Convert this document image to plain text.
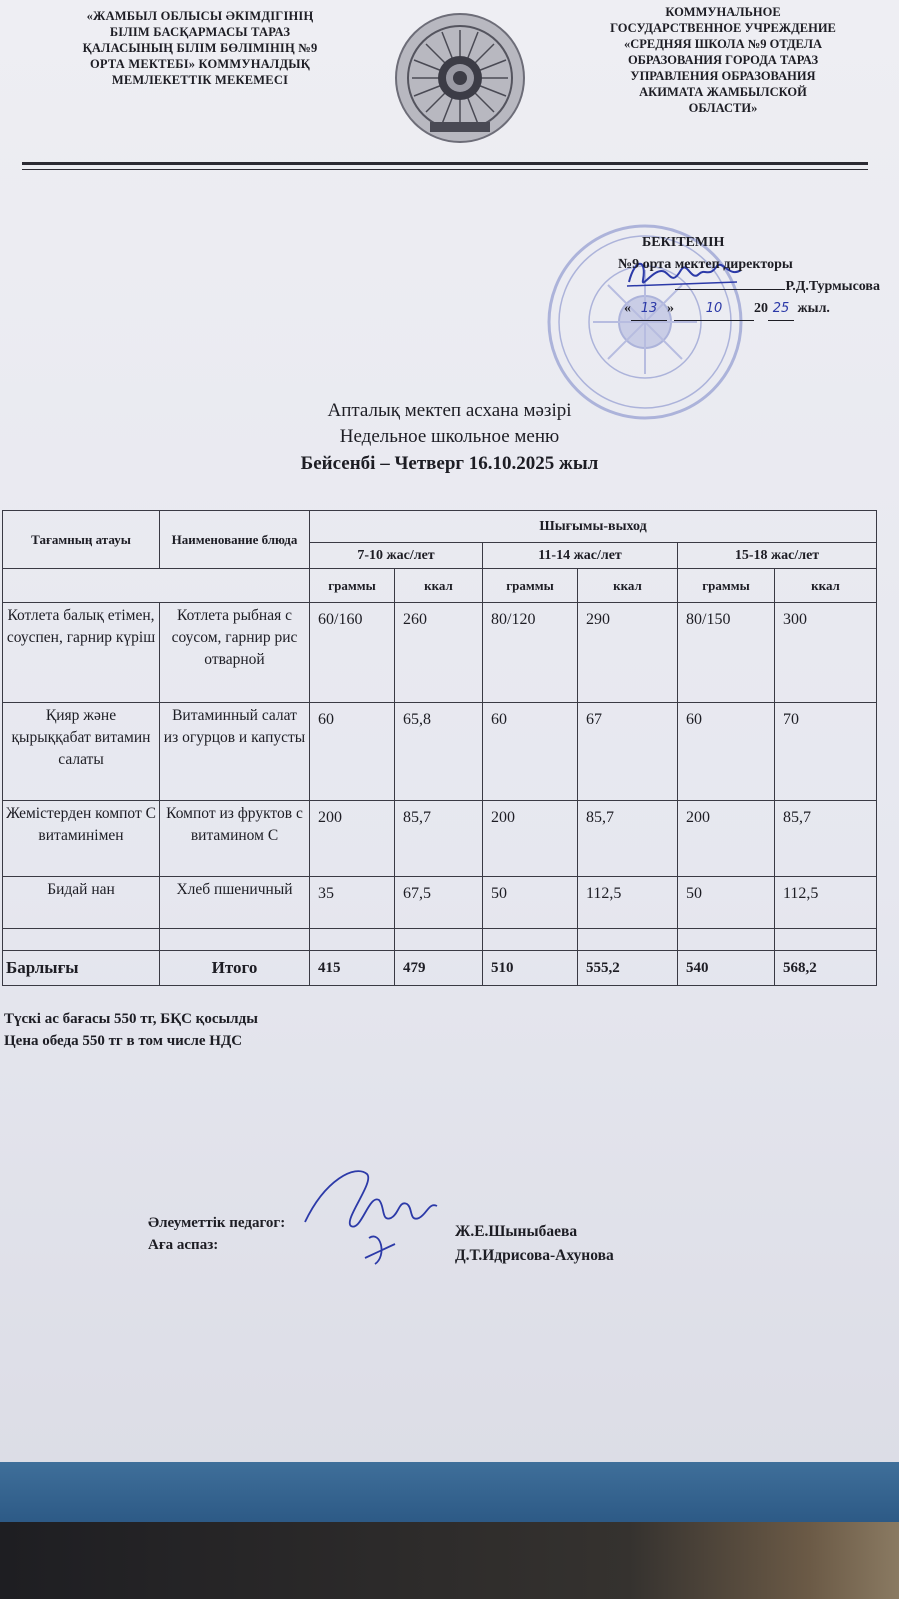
«ЖАМБЫЛ ОБЛЫСЫ ӘКІМДІГІНІҢ
БІЛІМ БАСҚАРМАСЫ ТАРАЗ
ҚАЛАСЫНЫҢ БІЛІМ БӨЛІМІНІҢ №9
ОРТА МЕКТЕБІ» КОММУНАЛДЫҚ
МЕМЛЕКЕТТІК МЕКЕМЕСІ
КОММУНАЛЬНОЕ
ГОСУДАРСТВЕННОЕ УЧРЕЖДЕНИЕ
«СРЕДНЯЯ ШКОЛА №9 ОТДЕЛА
ОБРАЗОВАНИЯ ГОРОДА ТАРАЗ
УПРАВЛЕНИЯ ОБРАЗОВАНИЯ
АКИМАТА ЖАМБЫЛСКОЙ
ОБЛАСТИ»
БЕКІТЕМІН
№9 орта мектеп директоры
Р.Д.Турмысова
« 13 » 10 20 25 жыл.
Апталық мектеп асхана мәзірі
Недельное школьное меню
Бейсенбі – Четверг 16.10.2025 жыл
Тағамның атауы	Наименование блюда	Шығымы-выход					
		7-10 жас/лет		11-14 жас/лет		15-18 жас/лет	
		граммы	ккал	граммы	ккал	граммы	ккал
Котлета балық етімен, соуспен, гарнир күріш	Котлета рыбная с соусом, гарнир рис отварной	60/160	260	80/120	290	80/150	300
Қияр және қырыққабат витамин салаты	Витаминный салат из огурцов и капусты	60	65,8	60	67	60	70
Жемістерден компот С витаминімен	Компот из фруктов с витамином С	200	85,7	200	85,7	200	85,7
Бидай нан	Хлеб пшеничный	35	67,5	50	112,5	50	112,5

Барлығы	Итого	415	479	510	555,2	540	568,2
Түскі ас бағасы 550 тг, БҚС қосылды
Цена обеда 550 тг в том числе НДС
Әлеуметтік педагог:
Аға аспаз:
Ж.Е.Шыныбаева
Д.Т.Идрисова-Ахунова
